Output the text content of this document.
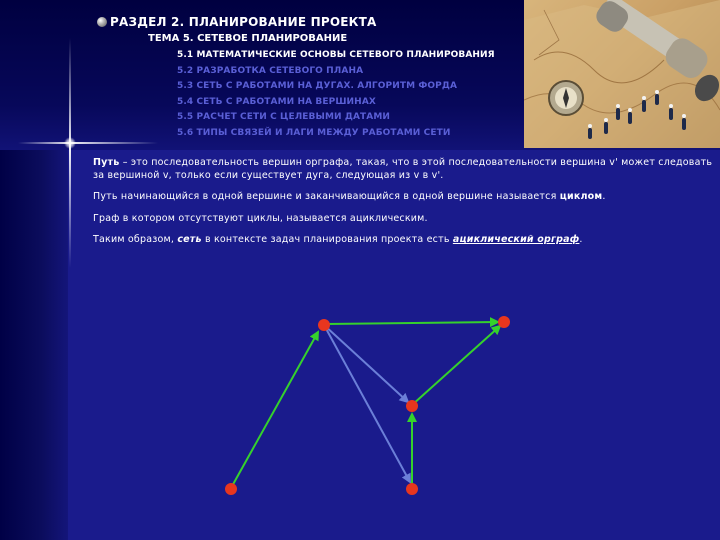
РАЗДЕЛ 2. ПЛАНИРОВАНИЕ ПРОЕКТА
ТЕМА 5. СЕТЕВОЕ ПЛАНИРОВАНИЕ
5.1 МАТЕМАТИЧЕСКИЕ ОСНОВЫ СЕТЕВОГО ПЛАНИРОВАНИЯ
5.2 РАЗРАБОТКА СЕТЕВОГО ПЛАНА
5.3 СЕТЬ С РАБОТАМИ НА ДУГАХ. АЛГОРИТМ ФОРДА
5.4 СЕТЬ С РАБОТАМИ НА ВЕРШИНАХ
5.5 РАСЧЕТ СЕТИ С ЦЕЛЕВЫМИ ДАТАМИ
5.6 ТИПЫ СВЯЗЕЙ И ЛАГИ МЕЖДУ РАБОТАМИ СЕТИ

Путь – это последовательность вершин орграфа, такая, что в этой последовательности вершина v' может следовать за вершиной v, только если существует дуга, следующая из v в v'.

Путь начинающийся в одной вершине и заканчивающийся в одной вершине называется циклом.

Граф в котором отсутствуют циклы, называется ациклическим.

Таким образом, сеть в контексте задач планирования проекта есть ациклический орграф.
